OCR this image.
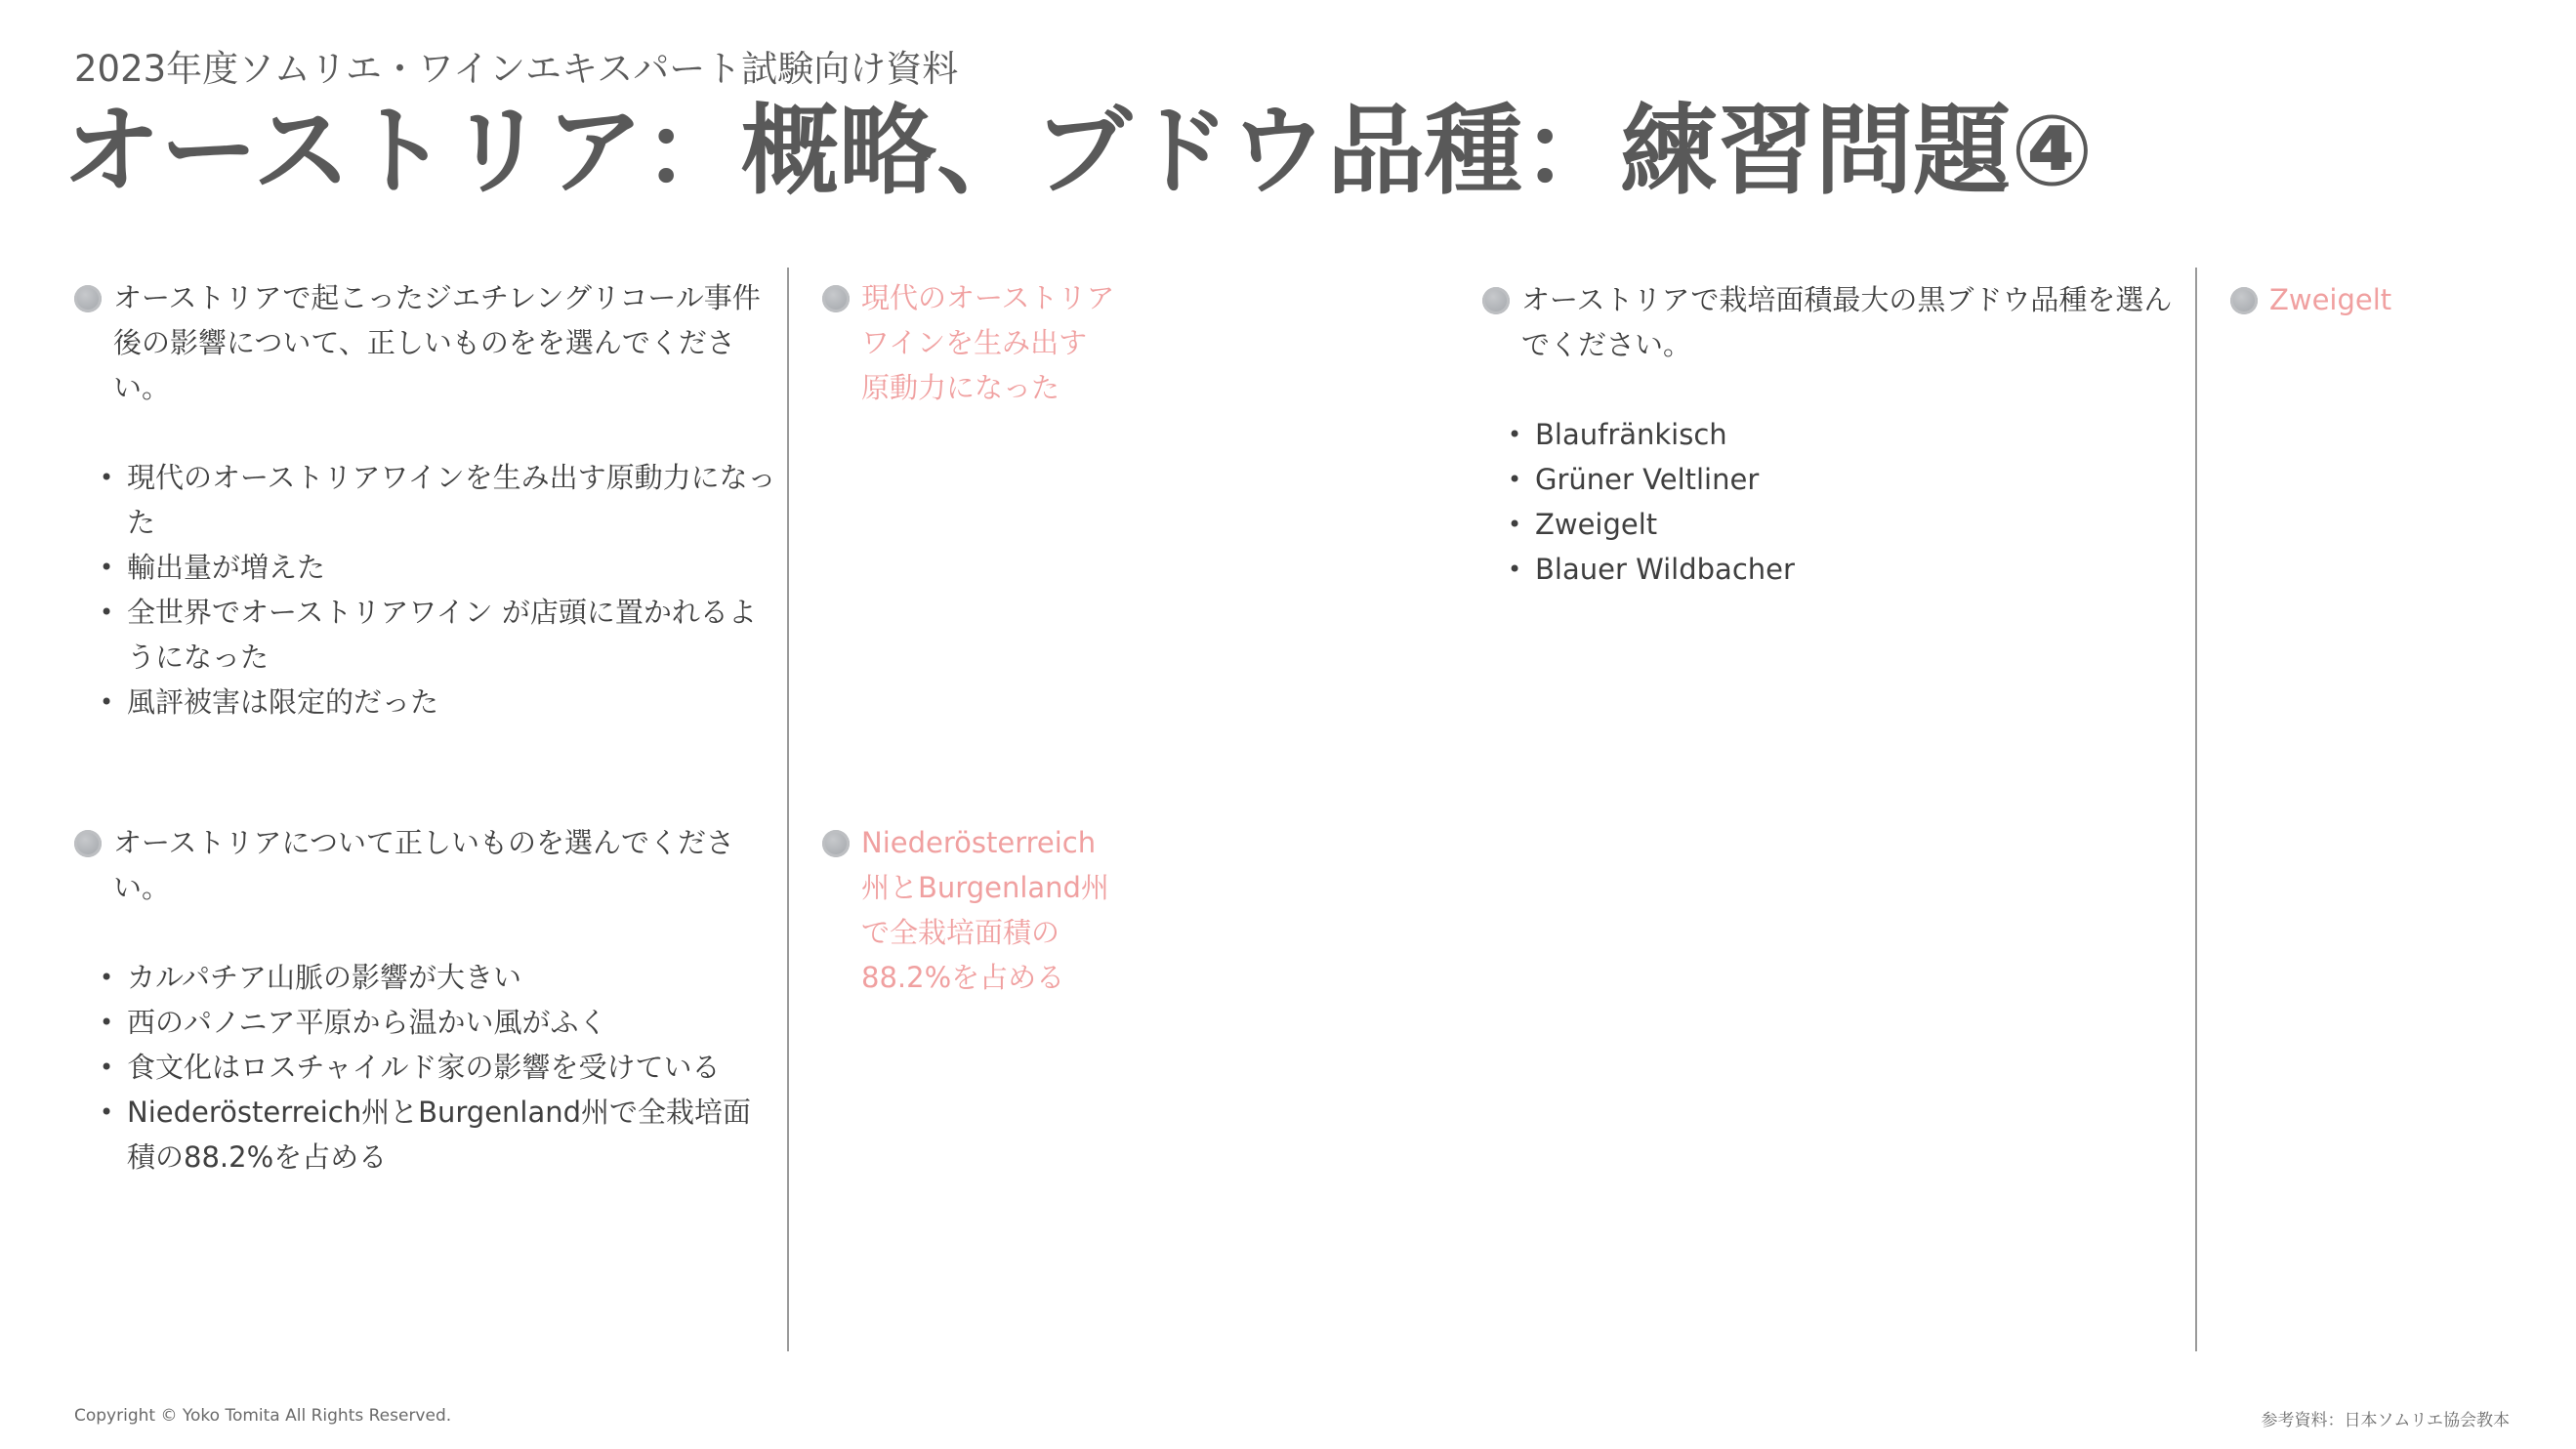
2023年度ソムリエ・ワインエキスパート試験向け資料
オーストリア：概略、ブドウ品種：練習問題④
オーストリアで起こったジエチレングリコール事件後の影響について、正しいものをを選んでください。
• 現代のオーストリアワインを生み出す原動力になった
• 輸出量が増えた
• 全世界でオーストリアワイン が店頭に置かれるようになった
• 風評被害は限定的だった
現代のオーストリアワインを生み出す原動力になった
オーストリアについて正しいものを選んでください。
• カルパチア山脈の影響が大きい
• 西のパノニア平原から温かい風がふく
• 食文化はロスチャイルド家の影響を受けている
• Niederösterreich州とBurgenland州で全栽培面積の88.2%を占める
Niederösterreich州とBurgenland州で全栽培面積の88.2%を占める
オーストリアで栽培面積最大の黒ブドウ品種を選んでください。
• Blaufränkisch
• Grüner Veltliner
• Zweigelt
• Blauer Wildbacher
Zweigelt
Copyright © Yoko Tomita All Rights Reserved.	参考資料：日本ソムリエ協会教本
